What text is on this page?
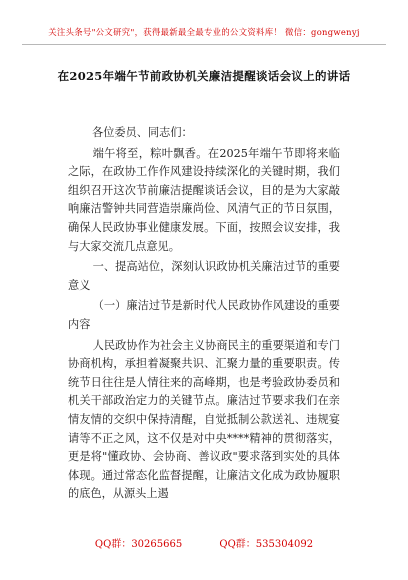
关注头条号"公文研究"，获得最新最全最专业的公文资料库！ 微信：gongwenyj
在2025年端午节前政协机关廉洁提醒谈话会议上的讲话

各位委员、同志们：

端午将至，粽叶飘香。在2025年端午节即将来临之际，在政协工作作风建设持续深化的关键时期，我们组织召开这次节前廉洁提醒谈话会议，目的是为大家敲响廉洁警钟共同营造崇廉尚俭、风清气正的节日氛围，确保人民政协事业健康发展。下面，按照会议安排，我与大家交流几点意见。

一、提高站位，深刻认识政协机关廉洁过节的重要意义

（一）廉洁过节是新时代人民政协作风建设的重要内容

人民政协作为社会主义协商民主的重要渠道和专门协商机构，承担着凝聚共识、汇聚力量的重要职责。传统节日往往是人情往来的高峰期，也是考验政协委员和机关干部政治定力的关键节点。廉洁过节要求我们在亲情友情的交织中保持清醒，自觉抵制公款送礼、违规宴请等不正之风，这不仅是对中央****精神的贯彻落实，更是将"懂政协、会协商、善议政"要求落到实处的具体体现。通过常态化监督提醒，让廉洁文化成为政协履职的底色，从源头上遏

QQ群：30265665	QQ群：535304092
